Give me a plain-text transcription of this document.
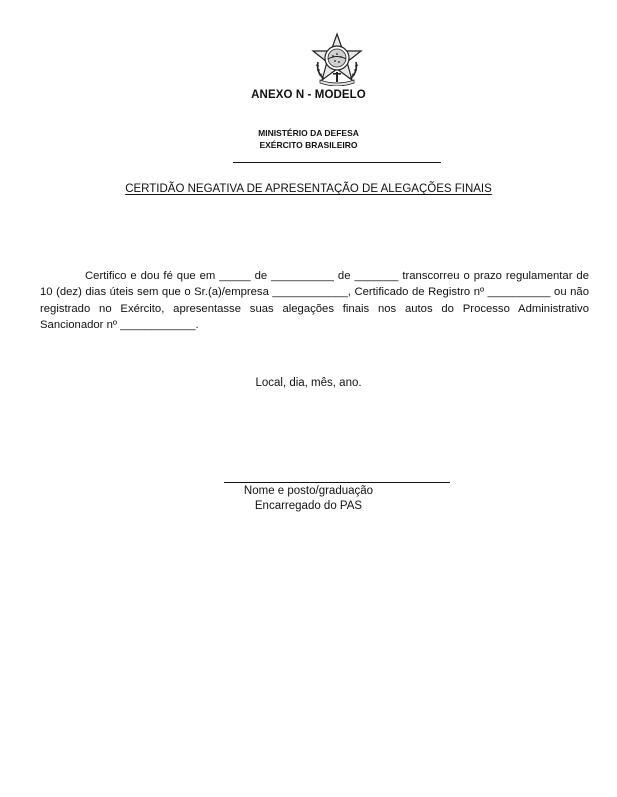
ANEXO N - MODELO
MINISTÉRIO DA DEFESA
EXÉRCITO BRASILEIRO
CERTIDÃO NEGATIVA DE APRESENTAÇÃO DE ALEGAÇÕES FINAIS

Certifico e dou fé que em _____ de __________ de _______ transcorreu o prazo regulamentar de 10 (dez) dias úteis sem que o Sr.(a)/empresa ____________, Certificado de Registro nº __________ ou não registrado no Exército, apresentasse suas alegações finais nos autos do Processo Administrativo Sancionador nº ____________.

Local, dia, mês, ano.
Nome e posto/graduação
Encarregado do PAS
